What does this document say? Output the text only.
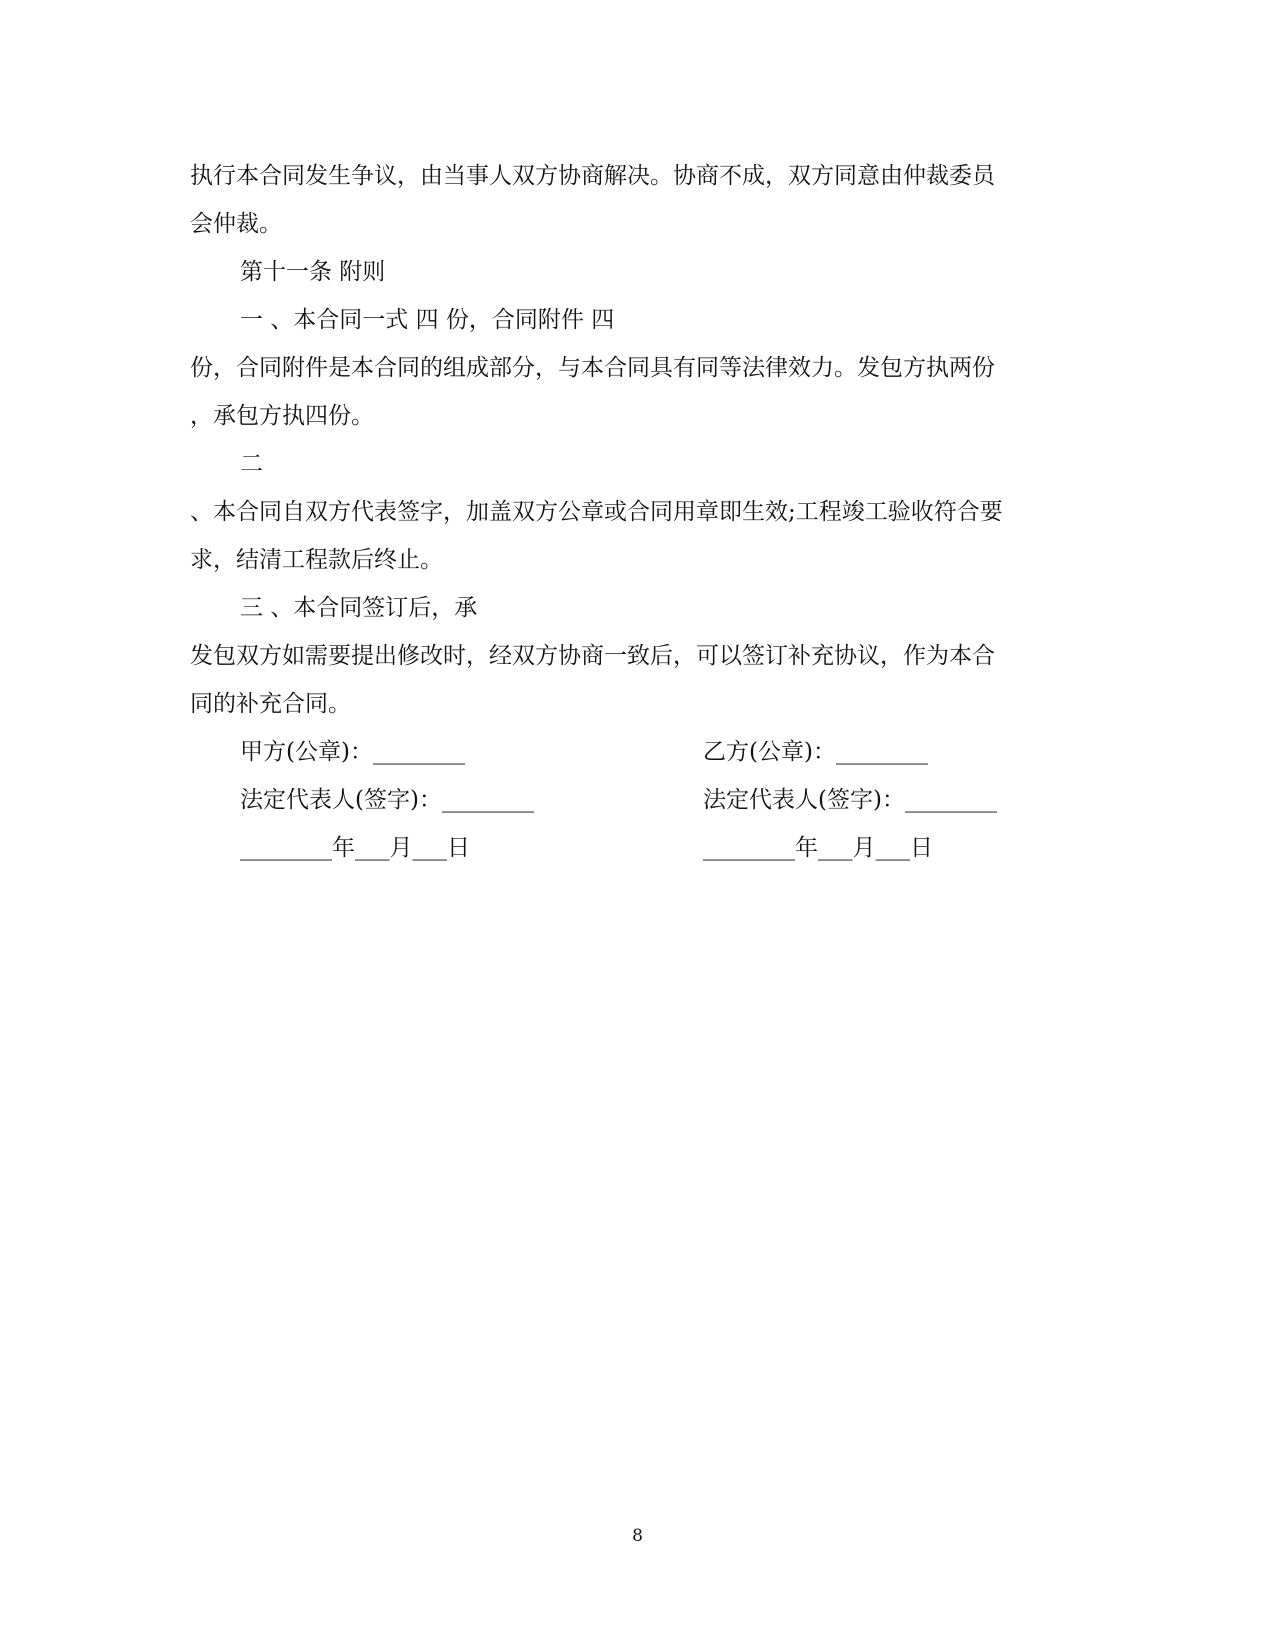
执行本合同发生争议，由当事人双方协商解决。协商不成，双方同意由仲裁委员
会仲裁。
第十一条 附则
一 、本合同一式 四 份，合同附件 四
份，合同附件是本合同的组成部分，与本合同具有同等法律效力。发包方执两份
，承包方执四份。
二
、本合同自双方代表签字，加盖双方公章或合同用章即生效;工程竣工验收符合要
求，结清工程款后终止。
三 、本合同签订后，承
发包双方如需要提出修改时，经双方协商一致后，可以签订补充协议，作为本合
同的补充合同。
甲方(公章)：________	乙方(公章)：________
法定代表人(签字)：________	法定代表人(签字)：________
________年___月___日	________年___月___日
8
